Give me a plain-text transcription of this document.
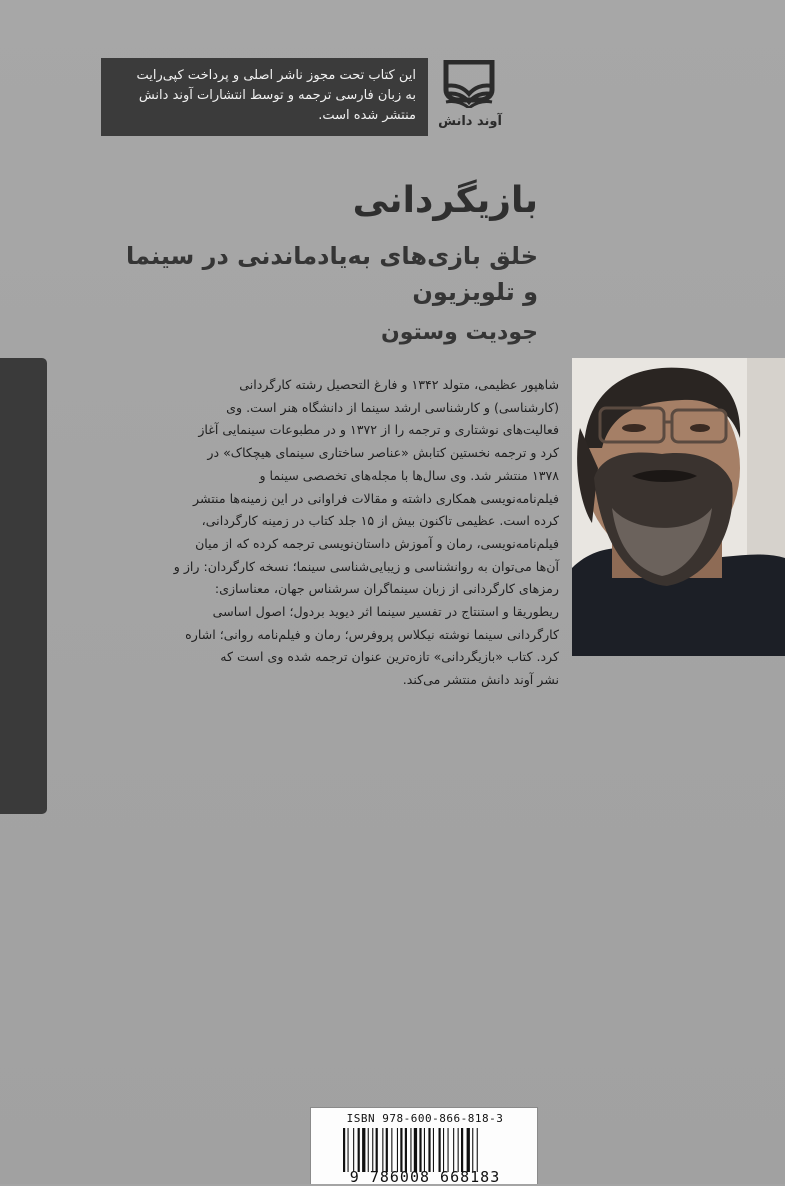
این کتاب تحت مجوز ناشر اصلی و پرداخت کپی‌رایت
به زبان فارسی ترجمه و توسط انتشارات آوند دانش
منتشر شده است.	آوند دانش
بازیگردانی
خلق بازی‌های به‌یادماندنی در سینما
و تلویزیون
جودیت وستون
شاهپور عظیمی، متولد ۱۳۴۲ و فارغ التحصیل رشته کارگردانی
(کارشناسی) و کارشناسی ارشد سینما از دانشگاه هنر است. وی
فعالیت‌های نوشتاری و ترجمه را از ۱۳۷۲ و در مطبوعات سینمایی آغاز
کرد و ترجمه نخستین کتابش «عناصر ساختاری سینمای هیچکاک» در
۱۳۷۸ منتشر شد. وی سال‌ها با مجله‌های تخصصی سینما و
فیلم‌نامه‌نویسی همکاری داشته و مقالات فراوانی در این زمینه‌ها منتشر
کرده است. عظیمی تاکنون بیش از ۱۵ جلد کتاب در زمینه کارگردانی،
فیلم‌نامه‌نویسی، رمان و آموزش داستان‌نویسی ترجمه کرده که از میان
آن‌ها می‌توان به روانشناسی و زیبایی‌شناسی سینما؛ نسخه کارگردان: راز و
رمزهای کارگردانی از زبان سینماگران سرشناس جهان، معناسازی:
ریطوریقا و استنتاج در تفسیر سینما اثر دیوید بردول؛ اصول اساسی
کارگردانی سینما نوشته نیکلاس پروفرس؛ رمان و فیلم‌نامه روانی؛ اشاره
کرد. کتاب «بازیگردانی» تازه‌ترین عنوان ترجمه شده وی است که
نشر آوند دانش منتشر می‌کند.
ISBN 978-600-866-818-3
9 786008 668183
